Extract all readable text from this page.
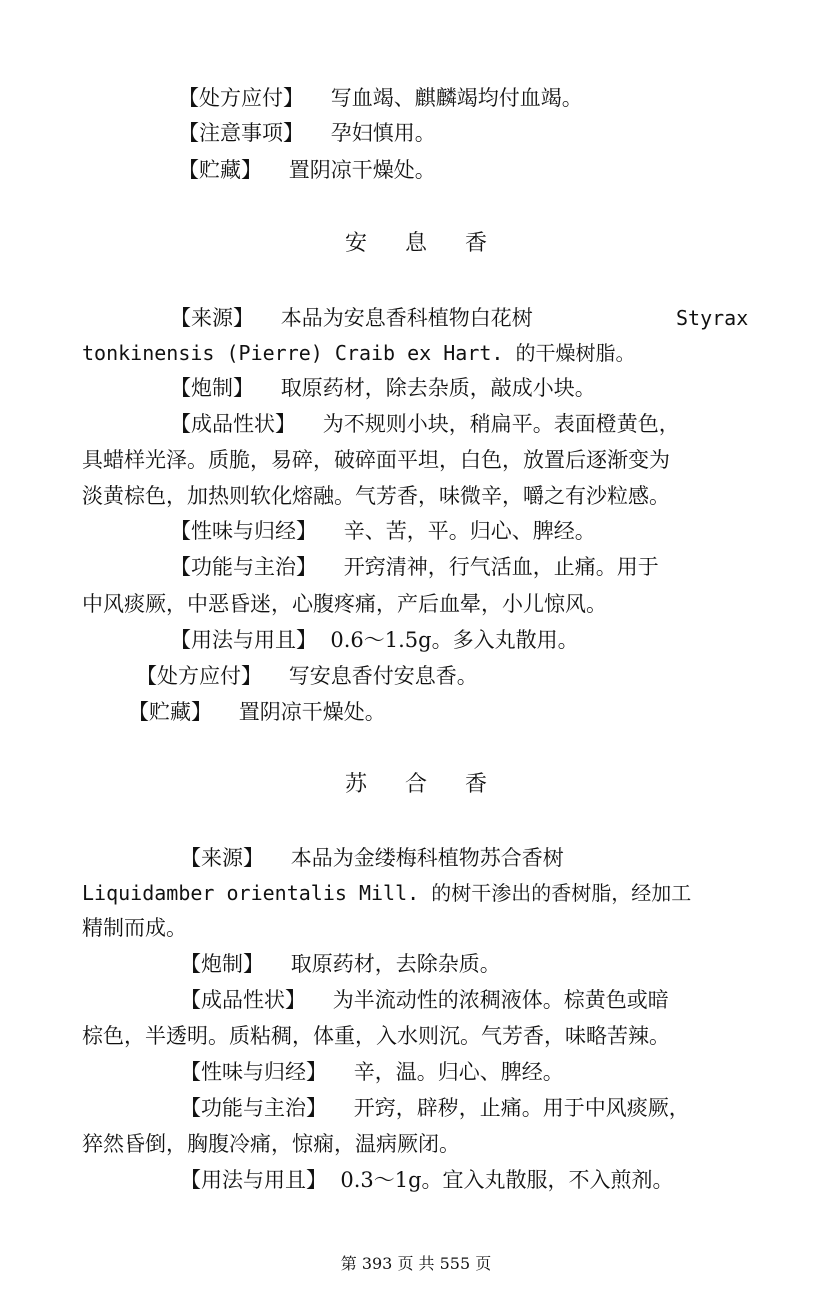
【处方应付】    写血竭、麒麟竭均付血竭。
【注意事项】    孕妇慎用。
【贮藏】    置阴凉干燥处。
安息香
【来源】    本品为安息香科植物白花树	Styrax
tonkinensis (Pierre) Craib ex Hart. 的干燥树脂。
【炮制】    取原药材，除去杂质，敲成小块。
【成品性状】    为不规则小块，稍扁平。表面橙黄色，
具蜡样光泽。质脆，易碎，破碎面平坦，白色，放置后逐渐变为
淡黄棕色，加热则软化熔融。气芳香，味微辛，嚼之有沙粒感。
【性味与归经】    辛、苦，平。归心、脾经。
【功能与主治】    开窍清神，行气活血，止痛。用于
中风痰厥，中恶昏迷，心腹疼痛，产后血晕，小儿惊风。
【用法与用且】  0.6～1.5g。多入丸散用。
【处方应付】    写安息香付安息香。
【贮藏】    置阴凉干燥处。
苏合香
【来源】    本品为金缕梅科植物苏合香树
Liquidamber orientalis Mill. 的树干渗出的香树脂，经加工
精制而成。
【炮制】    取原药材，去除杂质。
【成品性状】    为半流动性的浓稠液体。棕黄色或暗
棕色，半透明。质粘稠，体重，入水则沉。气芳香，味略苦辣。
【性味与归经】    辛，温。归心、脾经。
【功能与主治】    开窍，辟秽，止痛。用于中风痰厥，
猝然昏倒，胸腹冷痛，惊痫，温病厥闭。
【用法与用且】  0.3～1g。宜入丸散服，不入煎剂。
第 393 页 共 555 页
